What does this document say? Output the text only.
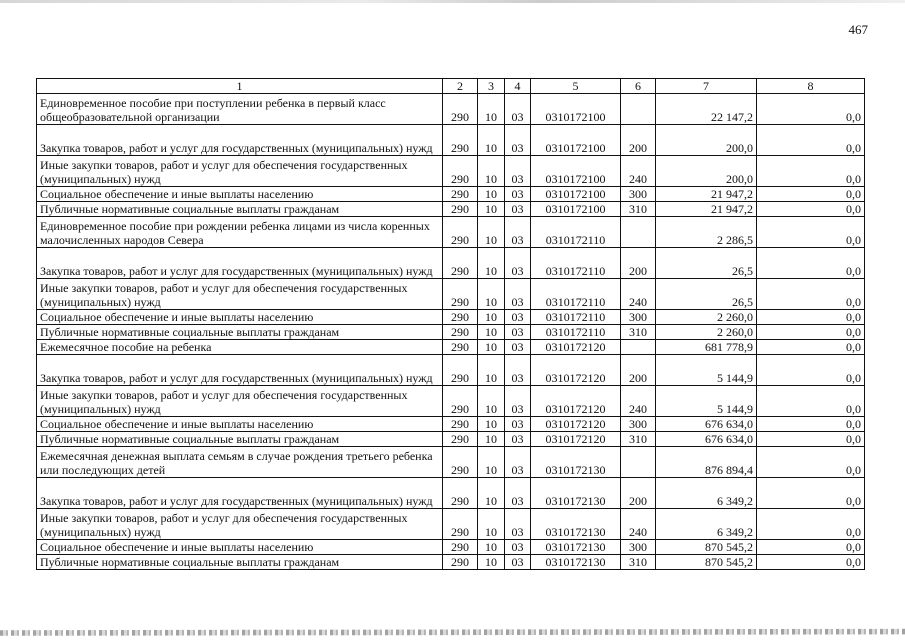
467
1	2	3	4	5	6	7	8
Единовременное пособие при поступлении ребенка в первый класс общеобразовательной организации	290	10	03	0310172100		22 147,2	0,0
Закупка товаров, работ и услуг для государственных (муниципальных) нужд	290	10	03	0310172100	200	200,0	0,0
Иные закупки товаров, работ и услуг для обеспечения государственных (муниципальных) нужд	290	10	03	0310172100	240	200,0	0,0
Социальное обеспечение и иные выплаты населению	290	10	03	0310172100	300	21 947,2	0,0
Публичные нормативные социальные выплаты гражданам	290	10	03	0310172100	310	21 947,2	0,0
Единовременное пособие при рождении ребенка лицами из числа коренных малочисленных народов Севера	290	10	03	0310172110		2 286,5	0,0
Закупка товаров, работ и услуг для государственных (муниципальных) нужд	290	10	03	0310172110	200	26,5	0,0
Иные закупки товаров, работ и услуг для обеспечения государственных (муниципальных) нужд	290	10	03	0310172110	240	26,5	0,0
Социальное обеспечение и иные выплаты населению	290	10	03	0310172110	300	2 260,0	0,0
Публичные нормативные социальные выплаты гражданам	290	10	03	0310172110	310	2 260,0	0,0
Ежемесячное пособие на ребенка	290	10	03	0310172120		681 778,9	0,0
Закупка товаров, работ и услуг для государственных (муниципальных) нужд	290	10	03	0310172120	200	5 144,9	0,0
Иные закупки товаров, работ и услуг для обеспечения государственных (муниципальных) нужд	290	10	03	0310172120	240	5 144,9	0,0
Социальное обеспечение и иные выплаты населению	290	10	03	0310172120	300	676 634,0	0,0
Публичные нормативные социальные выплаты гражданам	290	10	03	0310172120	310	676 634,0	0,0
Ежемесячная денежная выплата семьям в случае рождения третьего ребенка или последующих детей	290	10	03	0310172130		876 894,4	0,0
Закупка товаров, работ и услуг для государственных (муниципальных) нужд	290	10	03	0310172130	200	6 349,2	0,0
Иные закупки товаров, работ и услуг для обеспечения государственных (муниципальных) нужд	290	10	03	0310172130	240	6 349,2	0,0
Социальное обеспечение и иные выплаты населению	290	10	03	0310172130	300	870 545,2	0,0
Публичные нормативные социальные выплаты гражданам	290	10	03	0310172130	310	870 545,2	0,0
